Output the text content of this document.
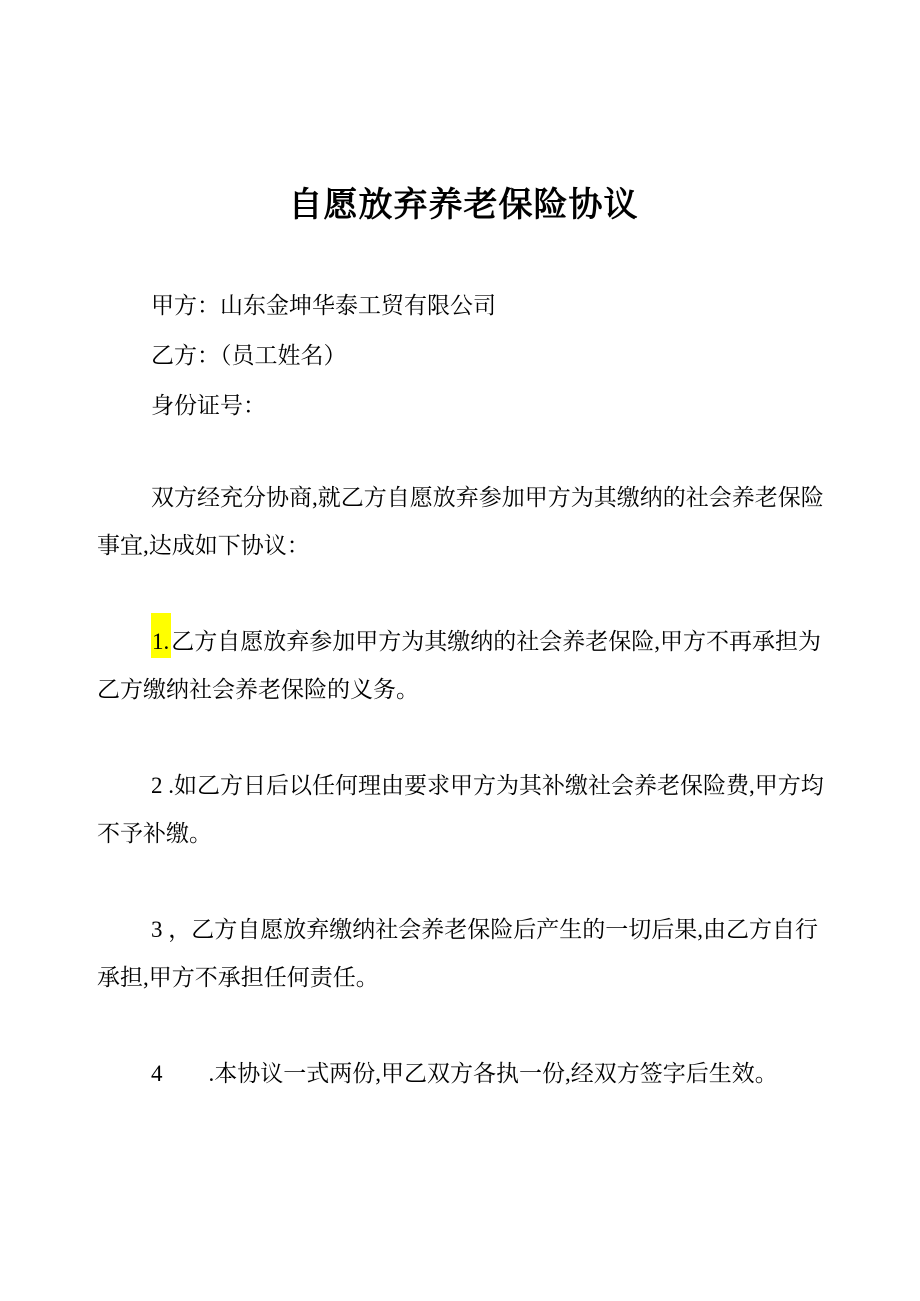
自愿放弃养老保险协议
甲方：山东金坤华泰工贸有限公司
乙方：（员工姓名）
身份证号：

双方经充分协商,就乙方自愿放弃参加甲方为其缴纳的社会养老保险事宜,达成如下协议：

1.乙方自愿放弃参加甲方为其缴纳的社会养老保险,甲方不再承担为乙方缴纳社会养老保险的义务。

2 .如乙方日后以任何理由要求甲方为其补缴社会养老保险费,甲方均不予补缴。

3 ，乙方自愿放弃缴纳社会养老保险后产生的一切后果,由乙方自行承担,甲方不承担任何责任。

4　　.本协议一式两份,甲乙双方各执一份,经双方签字后生效。
